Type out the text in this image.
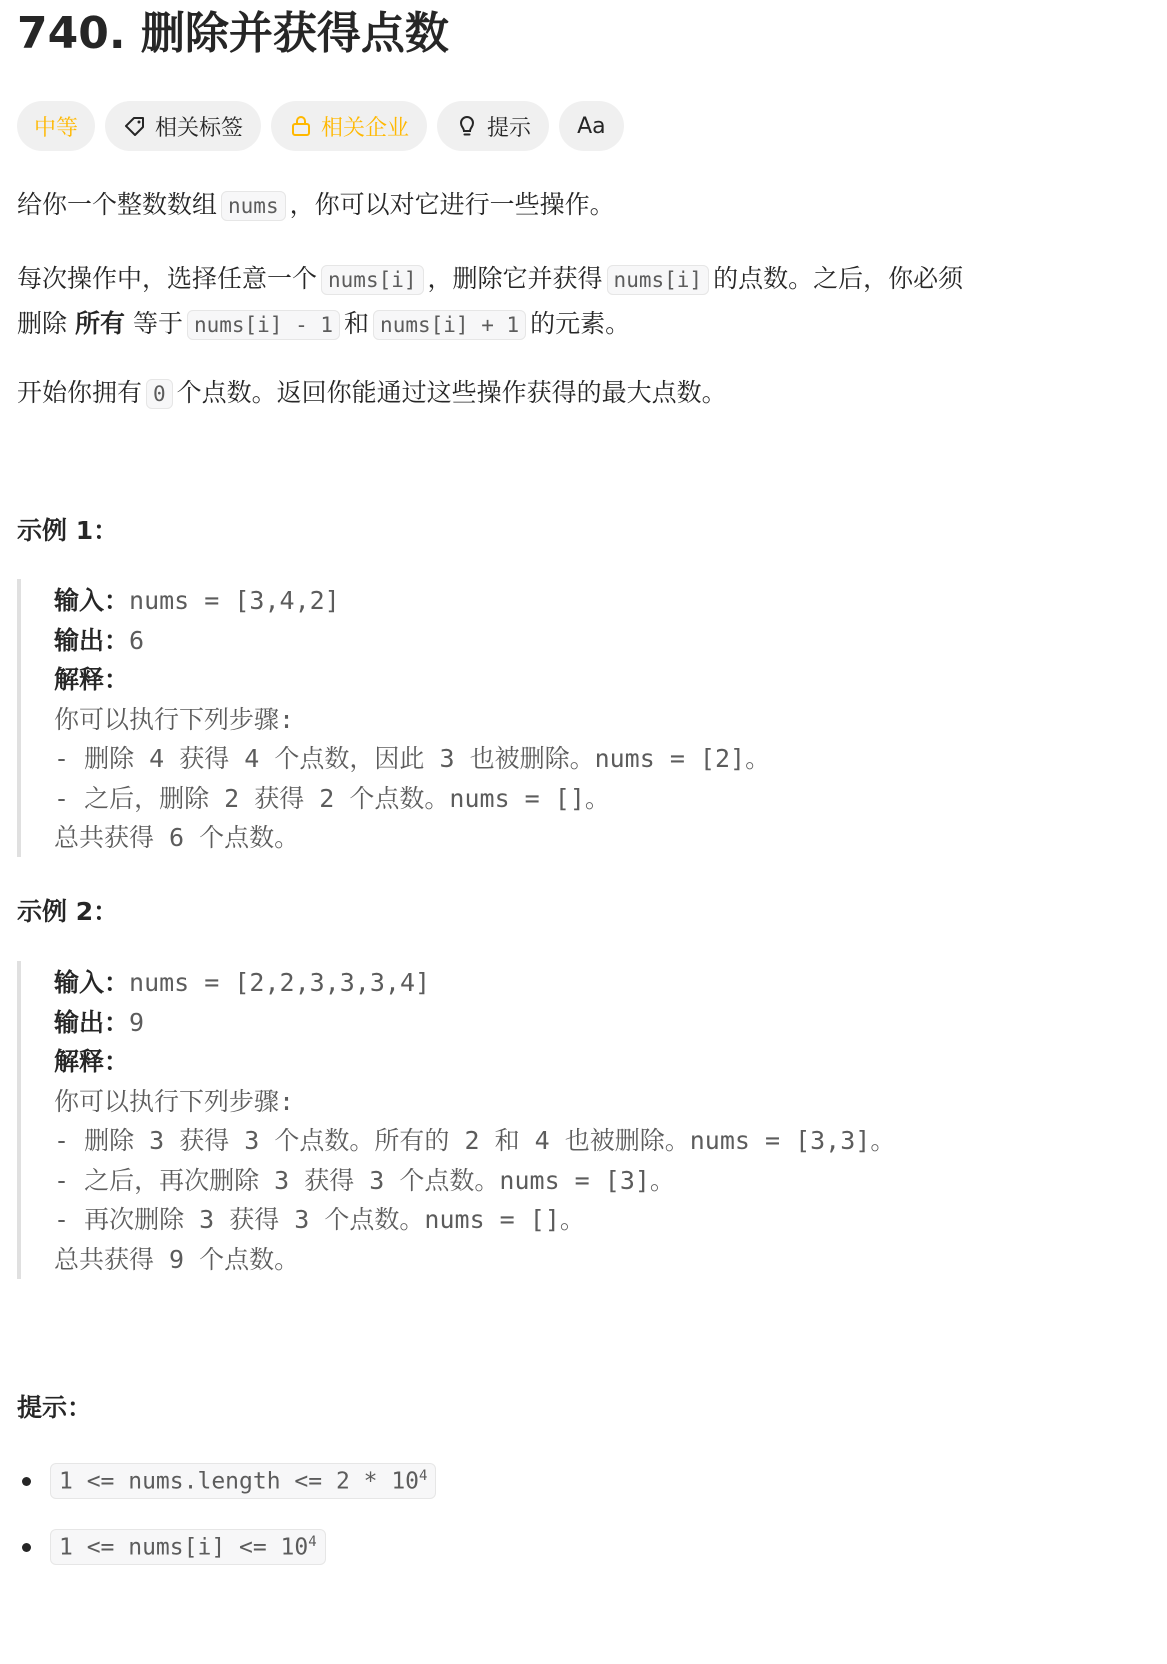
740. 删除并获得点数
中等	相关标签	相关企业	提示 Aa

给你一个整数数组 nums ，你可以对它进行一些操作。

每次操作中，选择任意一个 nums[i] ，删除它并获得 nums[i] 的点数。之后，你必须
删除 所有 等于 nums[i] - 1 和 nums[i] + 1 的元素。

开始你拥有 0 个点数。返回你能通过这些操作获得的最大点数。

示例 1：
输入：nums = [3,4,2]
输出：6
解释：
你可以执行下列步骤:
- 删除 4 获得 4 个点数，因此 3 也被删除。nums = [2]。
- 之后，删除 2 获得 2 个点数。nums = []。
总共获得 6 个点数。
示例 2：
输入：nums = [2,2,3,3,3,4]
输出：9
解释：
你可以执行下列步骤:
- 删除 3 获得 3 个点数。所有的 2 和 4 也被删除。nums = [3,3]。
- 之后，再次删除 3 获得 3 个点数。nums = [3]。
- 再次删除 3 获得 3 个点数。nums = []。
总共获得 9 个点数。
提示：
1 <= nums.length <= $2 * 10^4$
1 <= nums[i] <= $10^4$
